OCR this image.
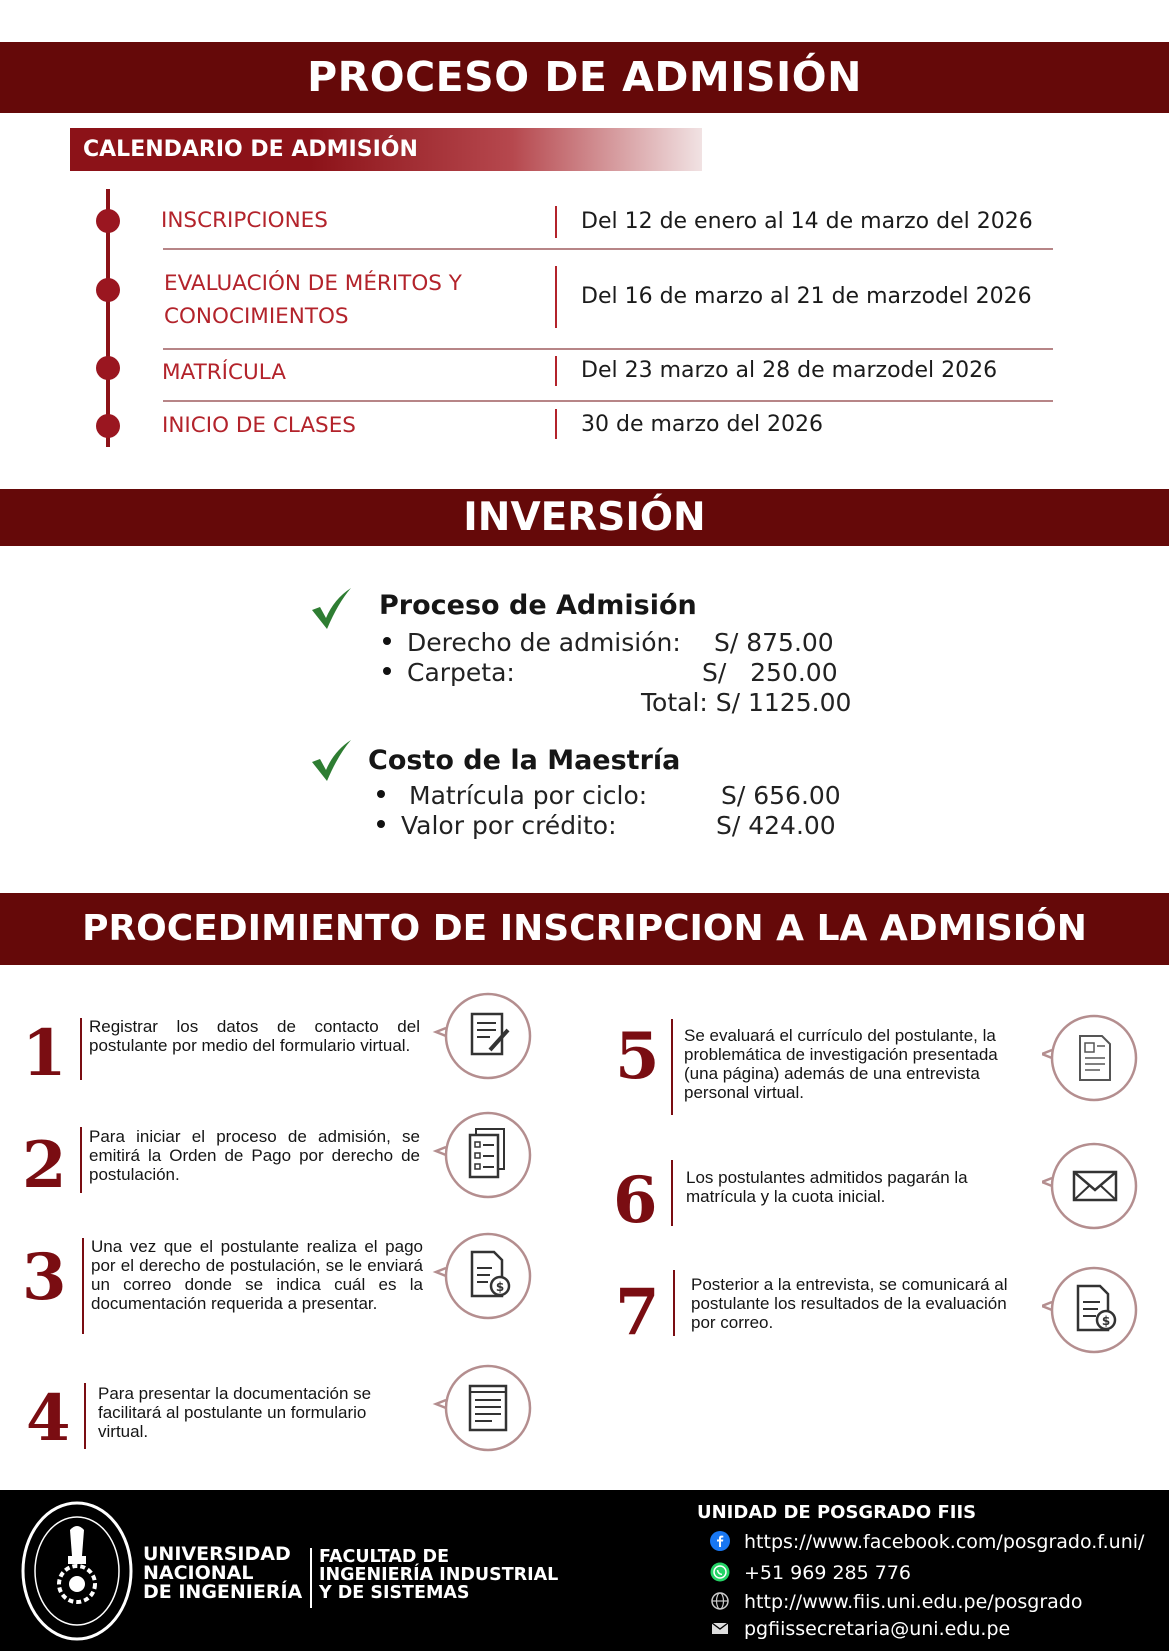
PROCESO DE ADMISIÓN
CALENDARIO DE ADMISIÓN
INSCRIPCIONES	Del 12 de enero al 14 de marzo del 2026
EVALUACIÓN DE MÉRITOS Y
CONOCIMIENTOS
Del 16 de marzo al 21 de marzodel 2026
MATRÍCULA	Del 23 marzo al 28 de marzodel 2026
INICIO DE CLASES	30 de marzo del 2026
INVERSIÓN
Proceso de Admisión
Derecho de admisión: S/ 875.00
Carpeta:	S/   250.00
Total: S/ 1125.00
Costo de la Maestría
Matrícula por ciclo:	S/ 656.00
Valor por crédito:	S/ 424.00
PROCEDIMIENTO DE INSCRIPCION A LA ADMISIÓN
1 Registrar los datos de contacto del postulante por medio del formulario virtual.
2 Para iniciar el proceso de admisión, se emitirá la Orden de Pago por derecho de postulación.
3 Una vez que el postulante realiza el pago por el derecho de postulación, se le enviará un correo donde se indica cuál es la documentación requerida a presentar.
$
4 Para presentar la documentación se facilitará al postulante un formulario virtual.
5 Se evaluará el currículo del postulante, la problemática de investigación presentada (una página) además de una entrevista personal virtual.
6 Los postulantes admitidos pagarán la matrícula y la cuota inicial.
7 Posterior a la entrevista, se comunicará al postulante los resultados de la evaluación por correo.	$
UNIVERSIDAD
NACIONAL
DE INGENIERÍA
FACULTAD DE
INGENIERÍA INDUSTRIAL
Y DE SISTEMAS
UNIDAD DE POSGRADO FIIS
https://www.facebook.com/posgrado.f.uni/
+51 969 285 776
http://www.fiis.uni.edu.pe/posgrado
pgfiissecretaria@uni.edu.pe
